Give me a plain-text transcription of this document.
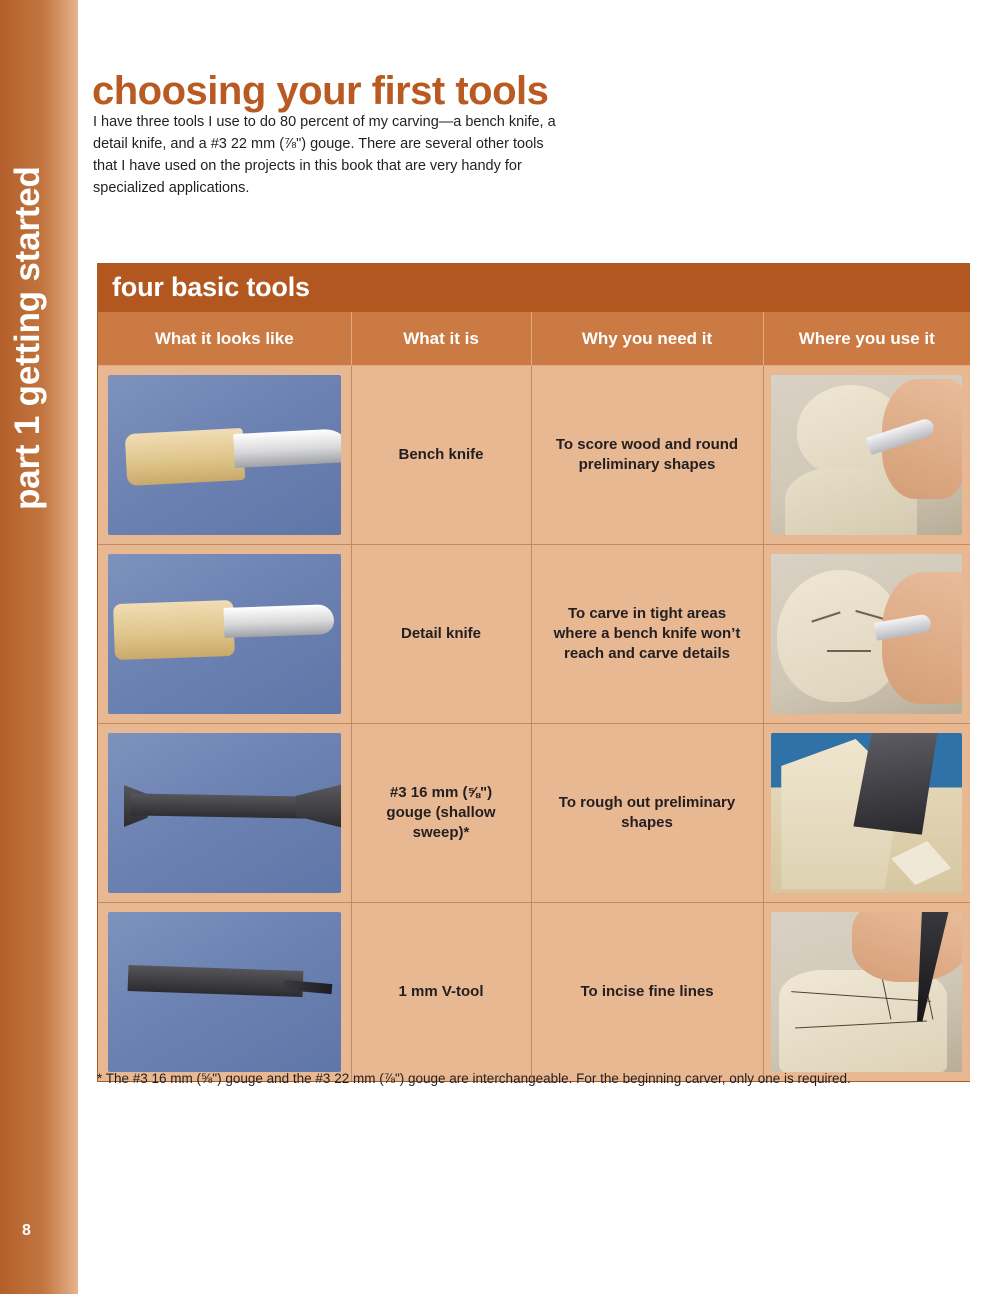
part 1 getting started
8
choosing your first tools

I have three tools I use to do 80 percent of my carving—a bench knife, a detail knife, and a #3 22 mm (⅞") gouge. There are several other tools that I have used on the projects in this book that are very handy for specialized applications.

four basic tools
What it looks like	What it is	Why you need it	Where you use it

	Bench knife	To score wood and round preliminary shapes	

	Detail knife	To carve in tight areas where a bench knife won’t reach and carve details	

	#3 16 mm (⅝") gouge (shallow sweep)*	To rough out preliminary shapes	

	1 mm V-tool	To incise fine lines	

* The #3 16 mm (⅝") gouge and the #3 22 mm (⅞") gouge are interchangeable. For the beginning carver, only one is required.
